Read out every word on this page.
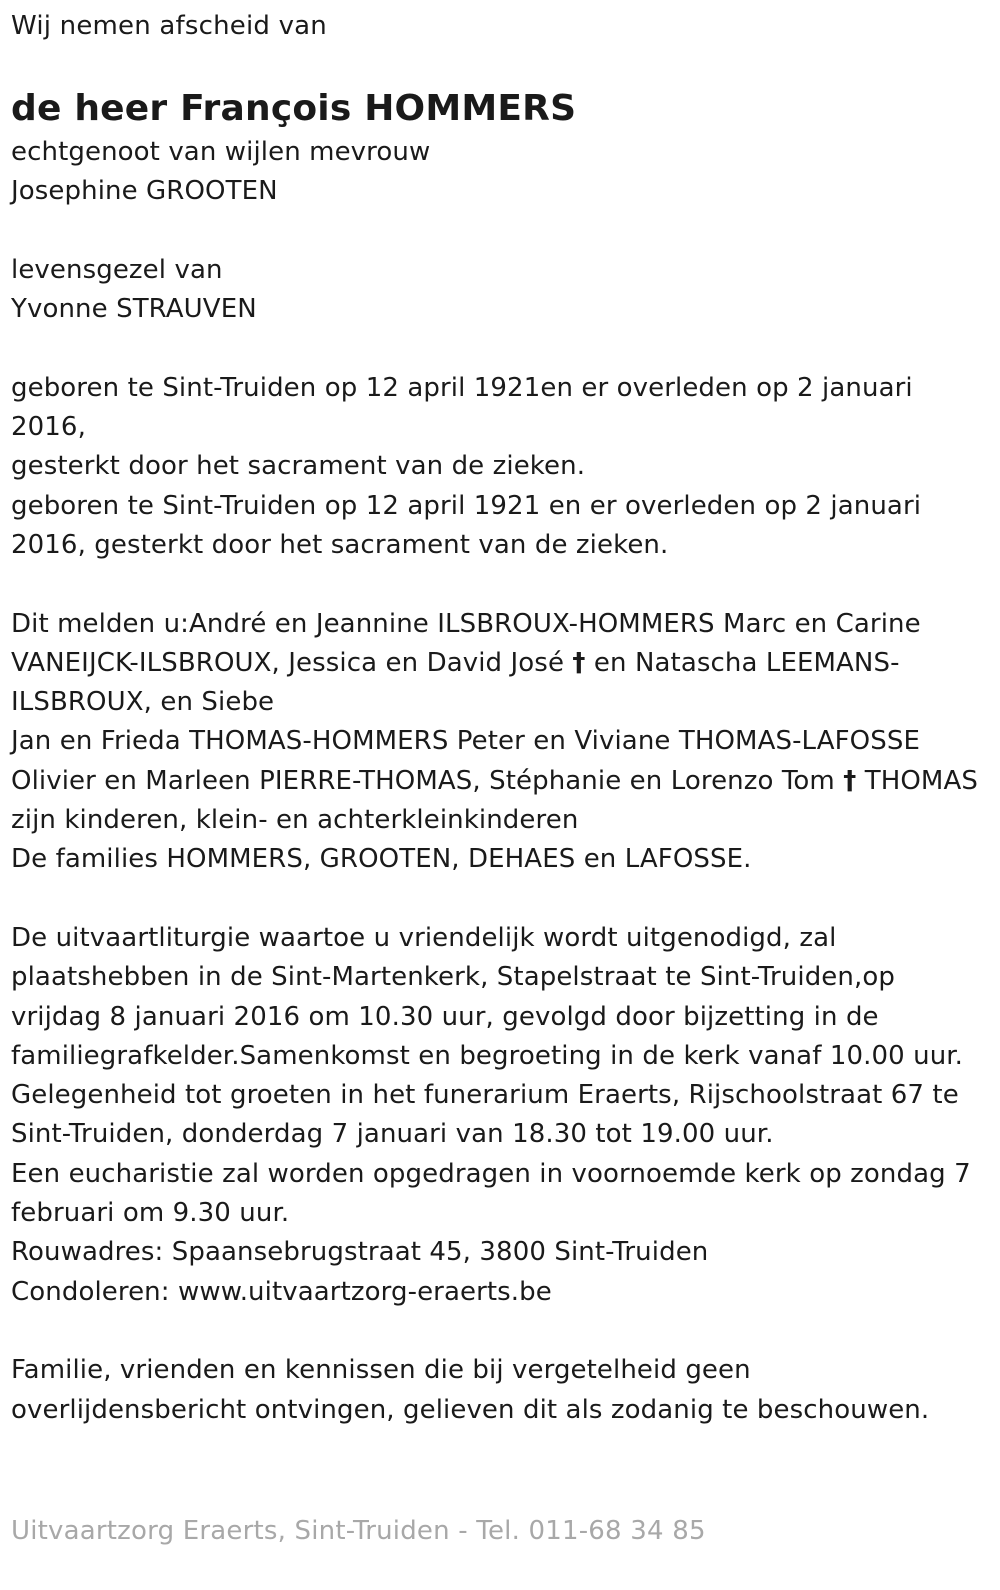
Wij nemen afscheid van

de heer François HOMMERS
echtgenoot van wijlen mevrouw
Josephine GROOTEN
levensgezel van
Yvonne STRAUVEN
geboren te Sint-Truiden op 12 april 1921en er overleden op 2 januari 2016,
gesterkt door het sacrament van de zieken.
geboren te Sint-Truiden op 12 april 1921 en er overleden op 2 januari 2016, gesterkt door het sacrament van de zieken.
Dit melden u:André en Jeannine ILSBROUX-HOMMERS Marc en Carine VANEIJCK-ILSBROUX, Jessica en David José † en Natascha LEEMANS-ILSBROUX, en Siebe
Jan en Frieda THOMAS-HOMMERS Peter en Viviane THOMAS-LAFOSSE Olivier en Marleen PIERRE-THOMAS, Stéphanie en Lorenzo Tom † THOMAS
zijn kinderen, klein- en achterkleinkinderen
De families HOMMERS, GROOTEN, DEHAES en LAFOSSE.
De uitvaartliturgie waartoe u vriendelijk wordt uitgenodigd, zal plaatshebben in de Sint-Martenkerk, Stapelstraat te Sint-Truiden,op vrijdag 8 januari 2016 om 10.30 uur, gevolgd door bijzetting in de familiegrafkelder.Samenkomst en begroeting in de kerk vanaf 10.00 uur.
Gelegenheid tot groeten in het funerarium Eraerts, Rijschoolstraat 67 te Sint-Truiden, donderdag 7 januari van 18.30 tot 19.00 uur.
Een eucharistie zal worden opgedragen in voornoemde kerk op zondag 7 februari om 9.30 uur.
Rouwadres: Spaansebrugstraat 45, 3800 Sint-Truiden
Condoleren: www.uitvaartzorg-eraerts.be
Familie, vrienden en kennissen die bij vergetelheid geen overlijdensbericht ontvingen, gelieven dit als zodanig te beschouwen.
Uitvaartzorg Eraerts, Sint-Truiden - Tel. 011-68 34 85
